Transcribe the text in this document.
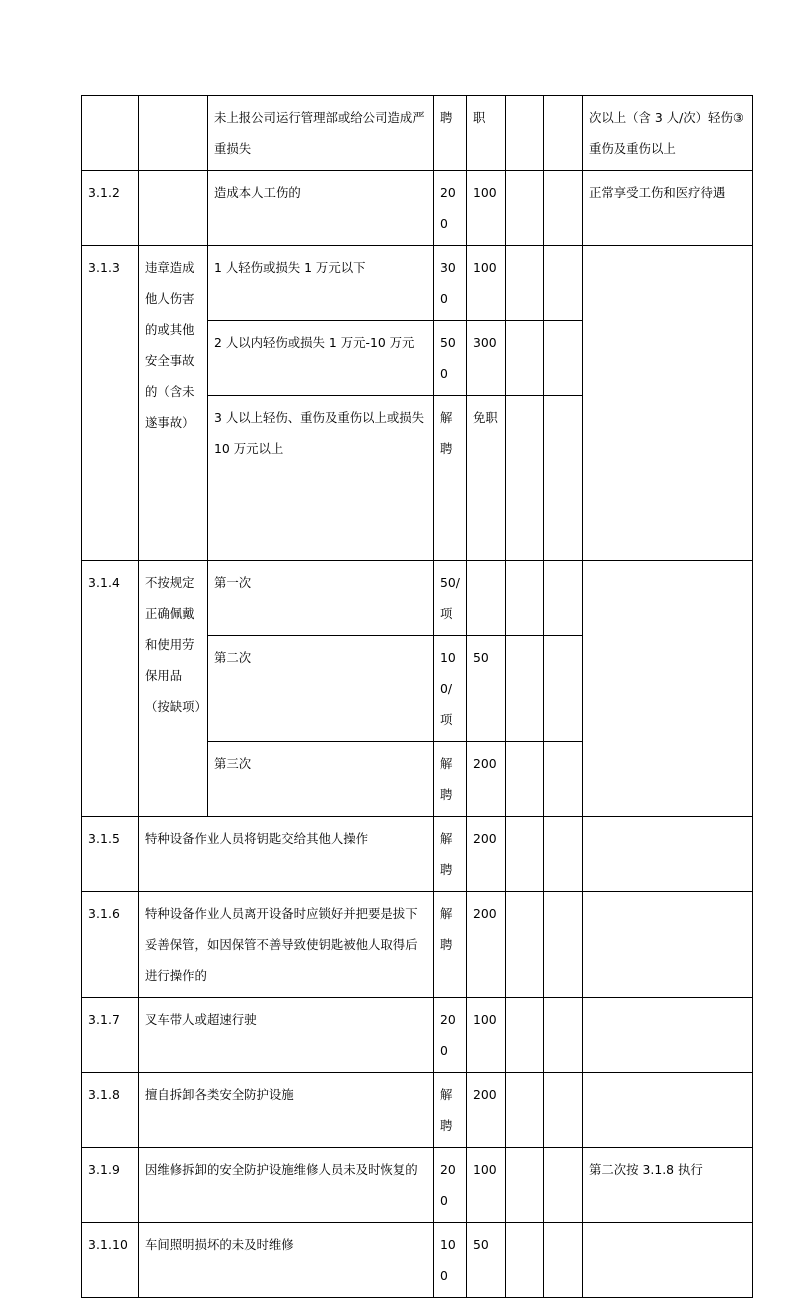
		未上报公司运行管理部或给公司造成严重损失	聘	职			次以上（含 3 人/次）轻伤③重伤及重伤以上
3.1.2		造成本人工伤的	200	100			正常享受工伤和医疗待遇
3.1.3	违章造成他人伤害的或其他安全事故的（含未遂事故）	1 人轻伤或损失 1 万元以下	300	100			
		2 人以内轻伤或损失 1 万元-10 万元	500	300			
		3 人以上轻伤、重伤及重伤以上或损失 10 万元以上	解聘	免职			
3.1.4	不按规定正确佩戴和使用劳保用品（按缺项）	第一次	50/项				
		第二次	100/项	50			
		第三次	解聘	200			
3.1.5	特种设备作业人员将钥匙交给其他人操作		解聘	200			
3.1.6	特种设备作业人员离开设备时应锁好并把要是拔下妥善保管，如因保管不善导致使钥匙被他人取得后进行操作的		解聘	200			
3.1.7	叉车带人或超速行驶		200	100			
3.1.8	擅自拆卸各类安全防护设施		解聘	200			
3.1.9	因维修拆卸的安全防护设施维修人员未及时恢复的		200	100			第二次按 3.1.8 执行
3.1.10	车间照明损坏的未及时维修		100	50			
